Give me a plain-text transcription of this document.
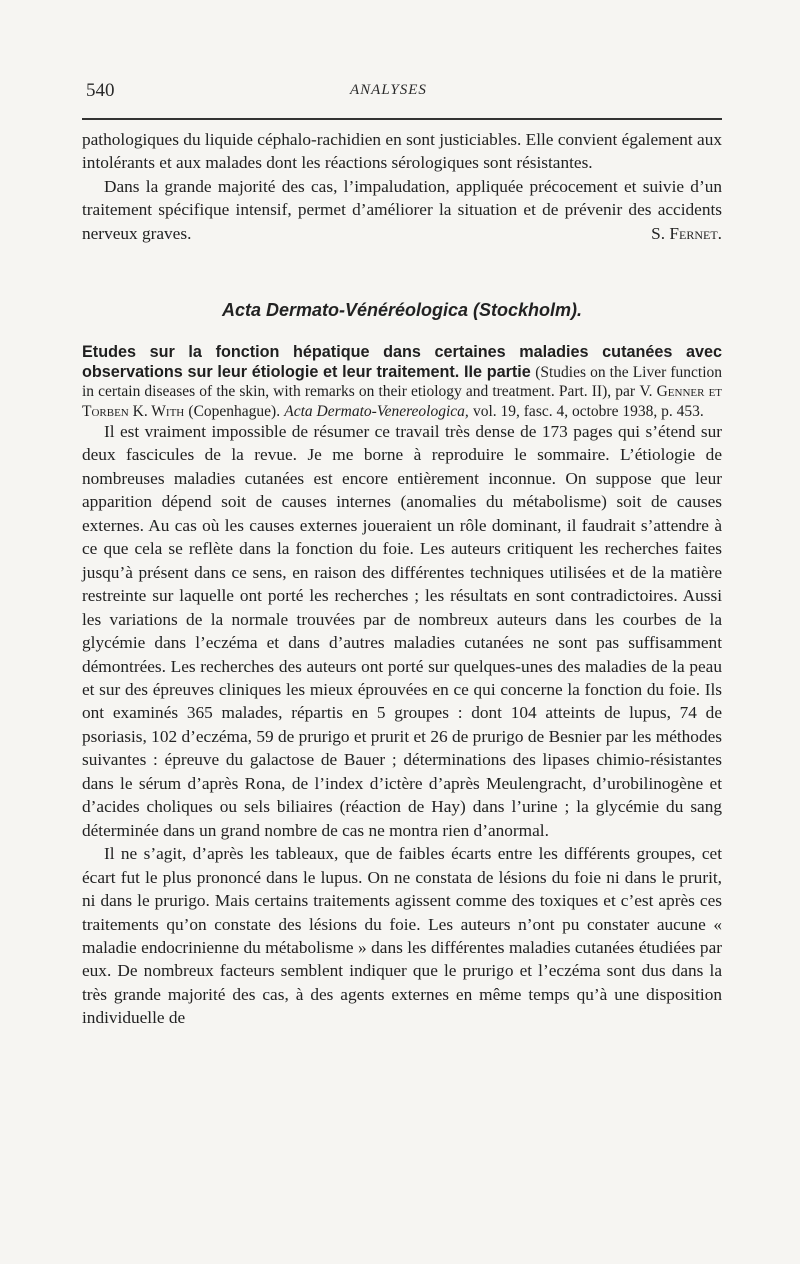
540	ANALYSES

pathologiques du liquide céphalo-rachidien en sont justiciables. Elle convient également aux intolérants et aux malades dont les réactions sérologiques sont résistantes.

Dans la grande majorité des cas, l’impaludation, appliquée précocement et suivie d’un traitement spécifique intensif, permet d’améliorer la situation et de prévenir des accidents nerveux graves.	S. Fernet.

Acta Dermato-Vénéréologica (Stockholm).
Etudes sur la fonction hépatique dans certaines maladies cutanées avec observations sur leur étiologie et leur traitement. IIe partie (Studies on the Liver function in certain diseases of the skin, with remarks on their etiology and treatment. Part. II), par V. Genner et Torben K. With (Copenhague). Acta Dermato-Venereologica, vol. 19, fasc. 4, octobre 1938, p. 453.

Il est vraiment impossible de résumer ce travail très dense de 173 pages qui s’étend sur deux fascicules de la revue. Je me borne à reproduire le sommaire. L’étiologie de nombreuses maladies cutanées est encore entièrement inconnue. On suppose que leur apparition dépend soit de causes internes (anomalies du métabolisme) soit de causes externes. Au cas où les causes externes joueraient un rôle dominant, il faudrait s’attendre à ce que cela se reflète dans la fonction du foie. Les auteurs critiquent les recherches faites jusqu’à présent dans ce sens, en raison des différentes techniques utilisées et de la matière restreinte sur laquelle ont porté les recherches ; les résultats en sont contradictoires. Aussi les variations de la normale trouvées par de nombreux auteurs dans les courbes de la glycémie dans l’eczéma et dans d’autres maladies cutanées ne sont pas suffisamment démontrées. Les recherches des auteurs ont porté sur quelques-unes des maladies de la peau et sur des épreuves cliniques les mieux éprouvées en ce qui concerne la fonction du foie. Ils ont examinés 365 malades, répartis en 5 groupes : dont 104 atteints de lupus, 74 de psoriasis, 102 d’eczéma, 59 de prurigo et prurit et 26 de prurigo de Besnier par les méthodes suivantes : épreuve du galactose de Bauer ; déterminations des lipases chimio-résistantes dans le sérum d’après Rona, de l’index d’ictère d’après Meulengracht, d’urobilinogène et d’acides choliques ou sels biliaires (réaction de Hay) dans l’urine ; la glycémie du sang déterminée dans un grand nombre de cas ne montra rien d’anormal.

Il ne s’agit, d’après les tableaux, que de faibles écarts entre les différents groupes, cet écart fut le plus prononcé dans le lupus. On ne constata de lésions du foie ni dans le prurit, ni dans le prurigo. Mais certains traitements agissent comme des toxiques et c’est après ces traitements qu’on constate des lésions du foie. Les auteurs n’ont pu constater aucune « maladie endocrinienne du métabolisme » dans les différentes maladies cutanées étudiées par eux. De nombreux facteurs semblent indiquer que le prurigo et l’eczéma sont dus dans la très grande majorité des cas, à des agents externes en même temps qu’à une disposition individuelle de
